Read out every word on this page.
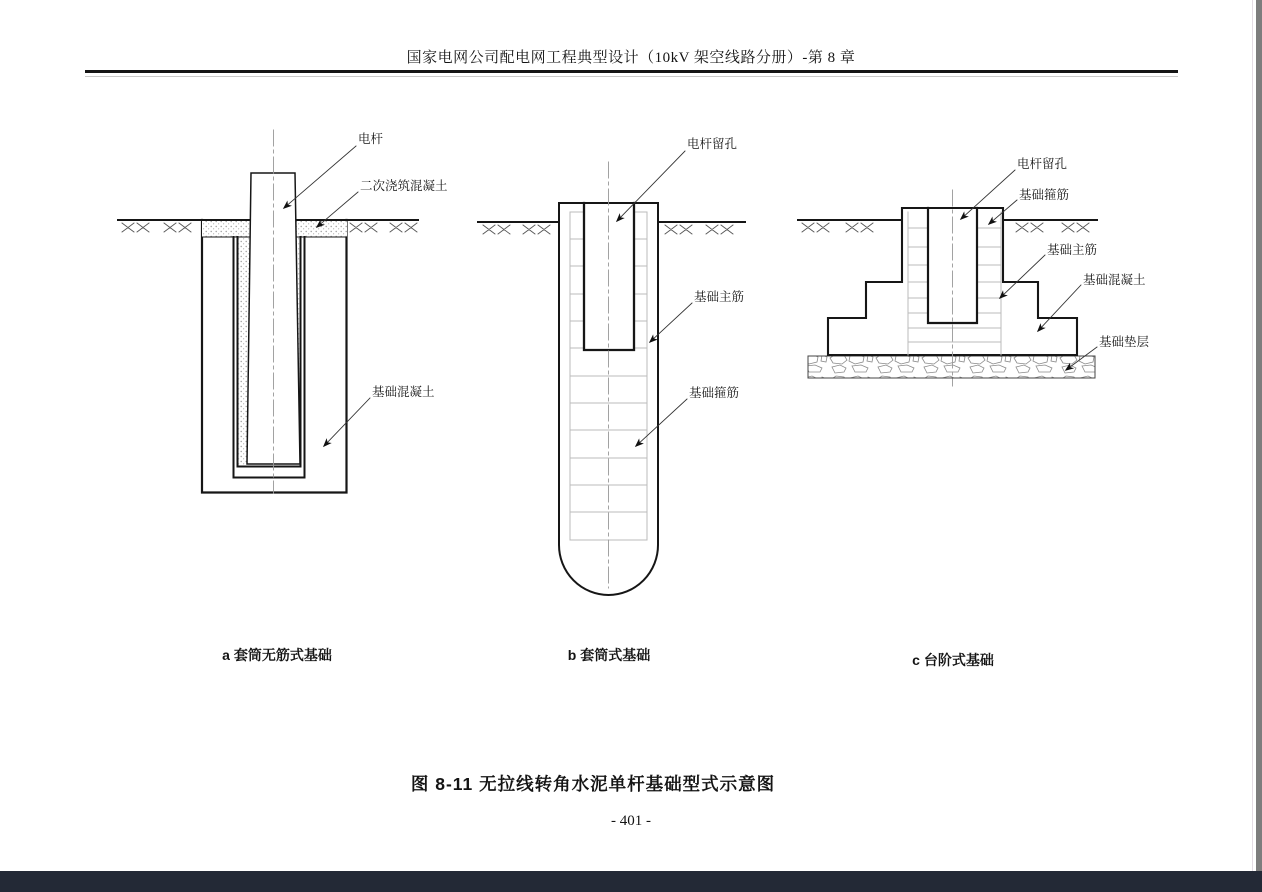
国家电网公司配电网工程典型设计（10kV 架空线路分册）-第 8 章
电杆
二次浇筑混凝土
基础混凝土
电杆留孔
基础主筋
基础箍筋
电杆留孔
基础箍筋
基础主筋
基础混凝土
基础垫层
a 套筒无筋式基础	b 套筒式基础	c 台阶式基础
图 8-11 无拉线转角水泥单杆基础型式示意图
- 401 -
